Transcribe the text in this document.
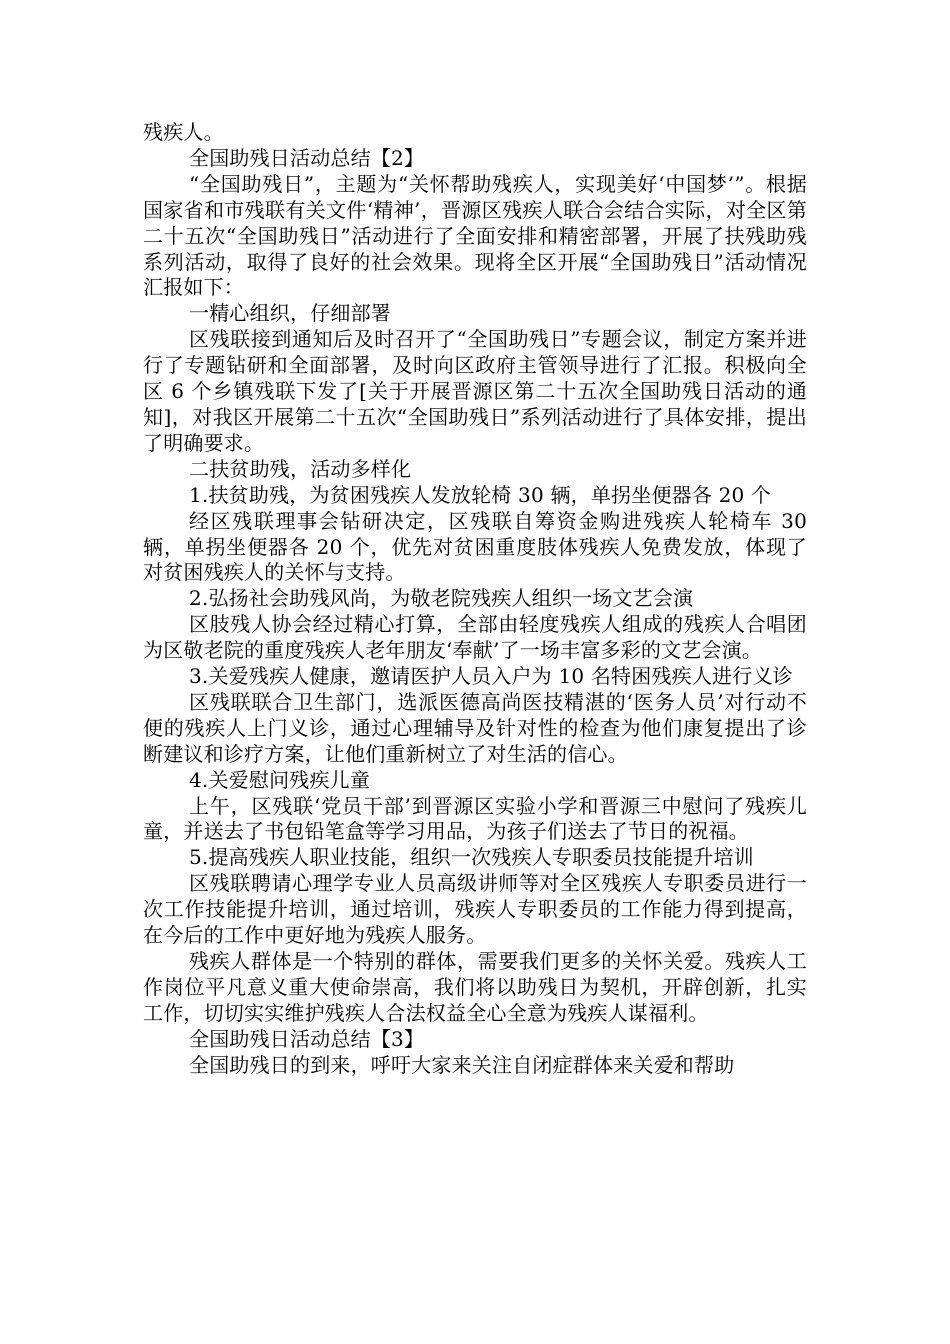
残疾人。

全国助残日活动总结【2】

“全国助残日”，主题为“关怀帮助残疾人，实现美好‘中国梦’”。根据国家省和市残联有关文件‘精神’，晋源区残疾人联合会结合实际，对全区第二十五次“全国助残日”活动进行了全面安排和精密部署，开展了扶残助残系列活动，取得了良好的社会效果。现将全区开展“全国助残日”活动情况汇报如下：

一精心组织，仔细部署

区残联接到通知后及时召开了“全国助残日”专题会议，制定方案并进行了专题钻研和全面部署，及时向区政府主管领导进行了汇报。积极向全区 6 个乡镇残联下发了[关于开展晋源区第二十五次全国助残日活动的通知]，对我区开展第二十五次“全国助残日”系列活动进行了具体安排，提出了明确要求。

二扶贫助残，活动多样化

1.扶贫助残，为贫困残疾人发放轮椅 30 辆，单拐坐便器各 20 个

经区残联理事会钻研决定，区残联自筹资金购进残疾人轮椅车 30 辆，单拐坐便器各 20 个，优先对贫困重度肢体残疾人免费发放，体现了对贫困残疾人的关怀与支持。

2.弘扬社会助残风尚，为敬老院残疾人组织一场文艺会演

区肢残人协会经过精心打算，全部由轻度残疾人组成的残疾人合唱团为区敬老院的重度残疾人老年朋友‘奉献’了一场丰富多彩的文艺会演。

3.关爱残疾人健康，邀请医护人员入户为 10 名特困残疾人进行义诊

区残联联合卫生部门，选派医德高尚医技精湛的‘医务人员’对行动不便的残疾人上门义诊，通过心理辅导及针对性的检查为他们康复提出了诊断建议和诊疗方案，让他们重新树立了对生活的信心。

4.关爱慰问残疾儿童

上午，区残联‘党员干部’到晋源区实验小学和晋源三中慰问了残疾儿童，并送去了书包铅笔盒等学习用品，为孩子们送去了节日的祝福。

5.提高残疾人职业技能，组织一次残疾人专职委员技能提升培训

区残联聘请心理学专业人员高级讲师等对全区残疾人专职委员进行一次工作技能提升培训，通过培训，残疾人专职委员的工作能力得到提高，在今后的工作中更好地为残疾人服务。

残疾人群体是一个特别的群体，需要我们更多的关怀关爱。残疾人工作岗位平凡意义重大使命崇高，我们将以助残日为契机，开辟创新，扎实工作，切切实实维护残疾人合法权益全心全意为残疾人谋福利。

全国助残日活动总结【3】

全国助残日的到来，呼吁大家来关注自闭症群体来关爱和帮助
